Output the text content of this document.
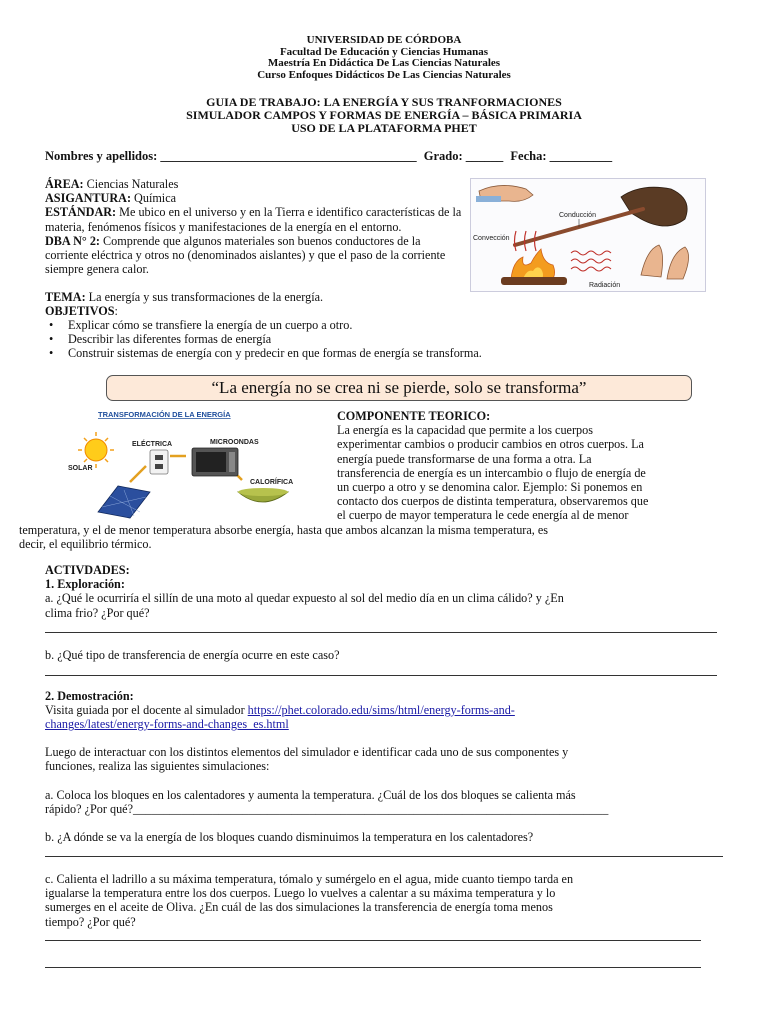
UNIVERSIDAD DE CÓRDOBA
Facultad De Educación y Ciencias Humanas
Maestría En Didáctica De Las Ciencias Naturales
Curso Enfoques Didácticos De Las Ciencias Naturales
GUIA DE TRABAJO: LA ENERGÍA Y SUS TRANFORMACIONES
SIMULADOR CAMPOS Y FORMAS DE ENERGÍA – BÁSICA PRIMARIA
USO DE LA PLATAFORMA PHET
Nombres y apellidos: _________________________________________ Grado: ______ Fecha: __________

ÁREA: Ciencias Naturales

ASIGANTURA: Química

ESTÁNDAR: Me ubico en el universo y en la Tierra e identifico características de la materia, fenómenos físicos y manifestaciones de la energía en el entorno.

DBA N° 2: Comprende que algunos materiales son buenos conductores de la corriente eléctrica y otros no (denominados aislantes) y que el paso de la corriente siempre genera calor.

TEMA: La energía y sus transformaciones de la energía.

OBJETIVOS:

• Explicar cómo se transfiere la energía de un cuerpo a otro.
• Describir las diferentes formas de energía
• Construir sistemas de energía con y predecir en que formas de energía se transforma.
Conducción
Convección
Radiación
“La energía no se crea ni se pierde, solo se transforma”
TRANSFORMACIÓN DE LA ENERGÍA
SOLAR
ELÉCTRICA	MICROONDAS
CALORÍFICA

COMPONENTE TEORICO:

La energía es la capacidad que permite a los cuerpos

experimentar cambios o producir cambios en otros cuerpos. La

energía puede transformarse de una forma a otra. La

transferencia de energía es un intercambio o flujo de energía de

un cuerpo a otro y se denomina calor. Ejemplo: Si ponemos en

contacto dos cuerpos de distinta temperatura, observaremos que

el cuerpo de mayor temperatura le cede energía al de menor

temperatura, y el de menor temperatura absorbe energía, hasta que ambos alcanzan la misma temperatura, es

decir, el equilibrio térmico.

ACTIVDADES:

1. Exploración:

a. ¿Qué le ocurriría el sillín de una moto al quedar expuesto al sol del medio día en un clima cálido? y ¿En

clima frio? ¿Por qué?

b. ¿Qué tipo de transferencia de energía ocurre en este caso?

2. Demostración:

Visita guiada por el docente al simulador https://phet.colorado.edu/sims/html/energy-forms-and-

changes/latest/energy-forms-and-changes_es.html

Luego de interactuar con los distintos elementos del simulador e identificar cada uno de sus componentes y

funciones, realiza las siguientes simulaciones:

a. Coloca los bloques en los calentadores y aumenta la temperatura. ¿Cuál de los dos bloques se calienta más

rápido? ¿Por qué?______________________________________________________________________________

b. ¿A dónde se va la energía de los bloques cuando disminuimos la temperatura en los calentadores?

c. Calienta el ladrillo a su máxima temperatura, tómalo y sumérgelo en el agua, mide cuanto tiempo tarda en

igualarse la temperatura entre los dos cuerpos. Luego lo vuelves a calentar a su máxima temperatura y lo

sumerges en el aceite de Oliva. ¿En cuál de las dos simulaciones la transferencia de energía toma menos

tiempo? ¿Por qué?
